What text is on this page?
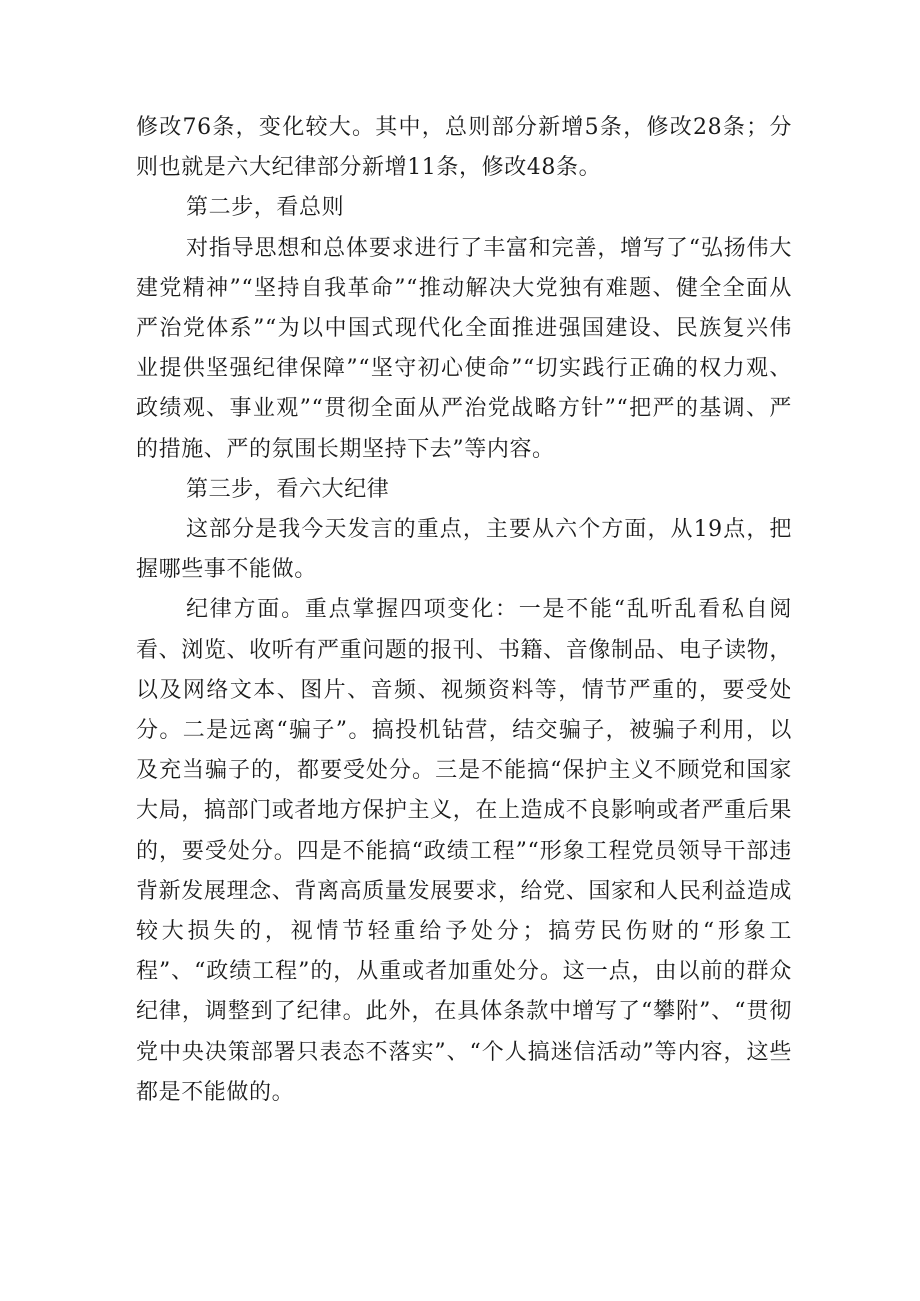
修改76条，变化较大。其中，总则部分新增5条，修改28条；分则也就是六大纪律部分新增11条，修改48条。

第二步，看总则

对指导思想和总体要求进行了丰富和完善，增写了“弘扬伟大建党精神”“坚持自我革命”“推动解决大党独有难题、健全全面从严治党体系”“为以中国式现代化全面推进强国建设、民族复兴伟业提供坚强纪律保障”“坚守初心使命”“切实践行正确的权力观、政绩观、事业观”“贯彻全面从严治党战略方针”“把严的基调、严的措施、严的氛围长期坚持下去”等内容。

第三步，看六大纪律

这部分是我今天发言的重点，主要从六个方面，从19点，把握哪些事不能做。

纪律方面。重点掌握四项变化：一是不能“乱听乱看私自阅看、浏览、收听有严重问题的报刊、书籍、音像制品、电子读物，以及网络文本、图片、音频、视频资料等，情节严重的，要受处分。二是远离“骗子”。搞投机钻营，结交骗子，被骗子利用，以及充当骗子的，都要受处分。三是不能搞“保护主义不顾党和国家大局，搞部门或者地方保护主义，在上造成不良影响或者严重后果的，要受处分。四是不能搞“政绩工程”“形象工程党员领导干部违背新发展理念、背离高质量发展要求，给党、国家和人民利益造成较大损失的，视情节轻重给予处分；搞劳民伤财的“形象工程”、“政绩工程”的，从重或者加重处分。这一点，由以前的群众纪律，调整到了纪律。此外，在具体条款中增写了“攀附”、“贯彻党中央决策部署只表态不落实”、“个人搞迷信活动”等内容，这些都是不能做的。
